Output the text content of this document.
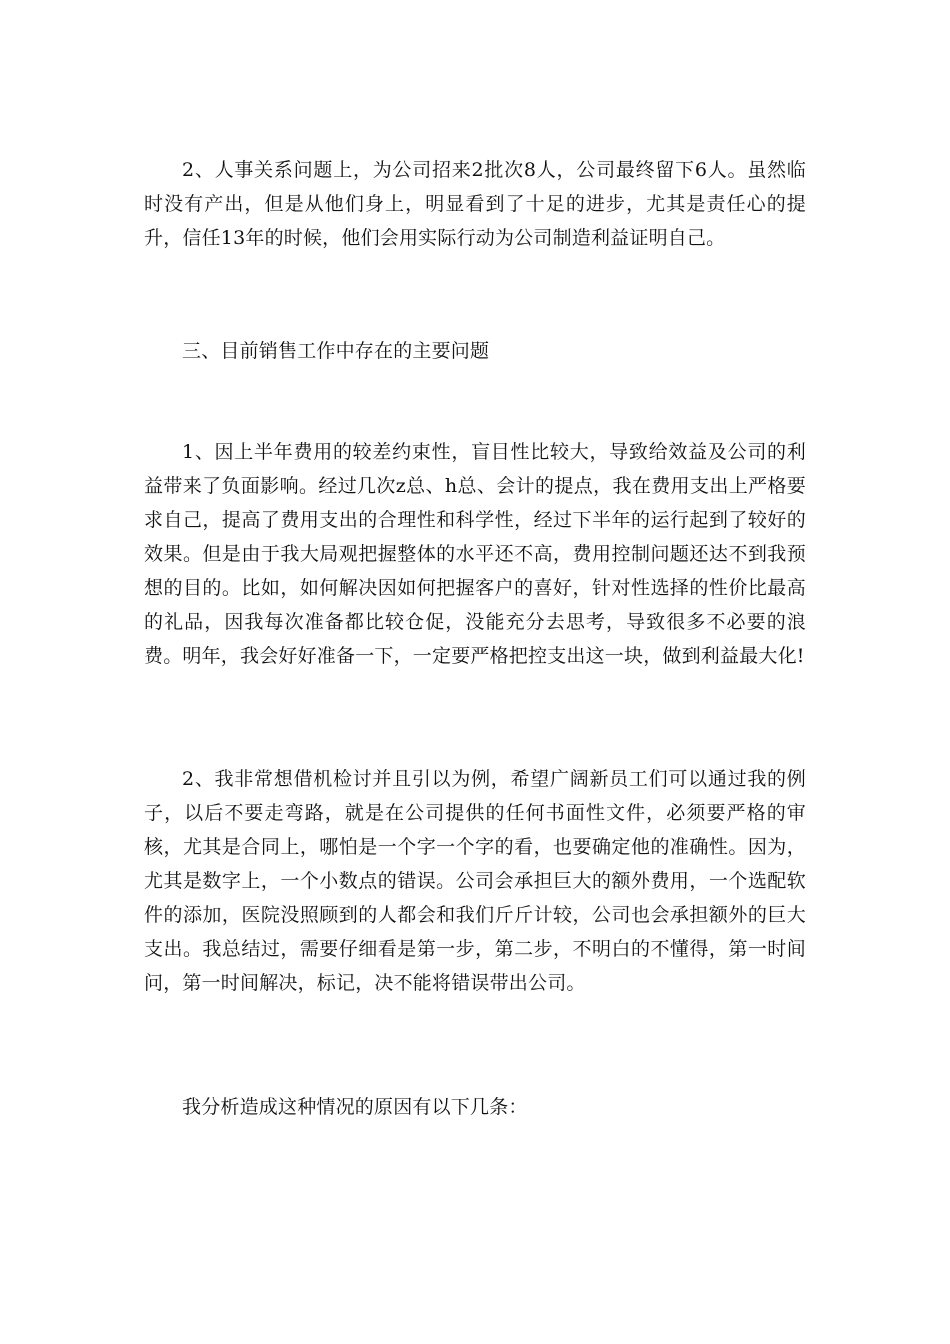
2、人事关系问题上，为公司招来2批次8人，公司最终留下6人。虽然临时没有产出，但是从他们身上，明显看到了十足的进步，尤其是责任心的提升，信任13年的时候，他们会用实际行动为公司制造利益证明自己。

三、目前销售工作中存在的主要问题

1、因上半年费用的较差约束性，盲目性比较大，导致给效益及公司的利益带来了负面影响。经过几次z总、h总、会计的提点，我在费用支出上严格要求自己，提高了费用支出的合理性和科学性，经过下半年的运行起到了较好的效果。但是由于我大局观把握整体的水平还不高，费用控制问题还达不到我预想的目的。比如，如何解决因如何把握客户的喜好，针对性选择的性价比最高的礼品，因我每次准备都比较仓促，没能充分去思考，导致很多不必要的浪费。明年，我会好好准备一下，一定要严格把控支出这一块，做到利益最大化!

2、我非常想借机检讨并且引以为例，希望广阔新员工们可以通过我的例子，以后不要走弯路，就是在公司提供的任何书面性文件，必须要严格的审核，尤其是合同上，哪怕是一个字一个字的看，也要确定他的准确性。因为，尤其是数字上，一个小数点的错误。公司会承担巨大的额外费用，一个选配软件的添加，医院没照顾到的人都会和我们斤斤计较，公司也会承担额外的巨大支出。我总结过，需要仔细看是第一步，第二步，不明白的不懂得，第一时间问，第一时间解决，标记，决不能将错误带出公司。

我分析造成这种情况的原因有以下几条：
